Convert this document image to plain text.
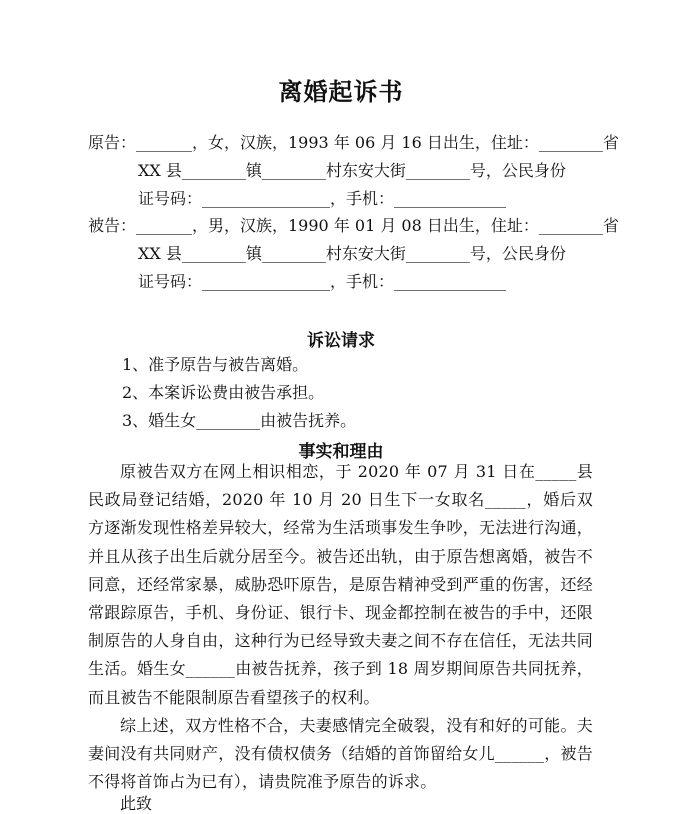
离婚起诉书
原告：_______，女，汉族，1993 年 06 月 16 日出生，住址：________省
XX 县________镇________村东安大街________号，公民身份
证号码：________________，手机：______________
被告：_______，男，汉族，1990 年 01 月 08 日出生，住址：________省
XX 县________镇________村东安大街________号，公民身份
证号码：________________，手机：______________
诉讼请求
1、准予原告与被告离婚。
2、本案诉讼费由被告承担。
3、婚生女________由被告抚养。
事实和理由

原被告双方在网上相识相恋，于 2020 年 07 月 31 日在_____县民政局登记结婚，2020 年 10 月 20 日生下一女取名_____，婚后双方逐渐发现性格差异较大，经常为生活琐事发生争吵，无法进行沟通，并且从孩子出生后就分居至今。被告还出轨，由于原告想离婚，被告不同意，还经常家暴，威胁恐吓原告，是原告精神受到严重的伤害，还经常跟踪原告，手机、身份证、银行卡、现金都控制在被告的手中，还限制原告的人身自由，这种行为已经导致夫妻之间不存在信任，无法共同生活。婚生女______由被告抚养，孩子到 18 周岁期间原告共同抚养，而且被告不能限制原告看望孩子的权利。

综上述，双方性格不合，夫妻感情完全破裂，没有和好的可能。夫妻间没有共同财产，没有债权债务（结婚的首饰留给女儿______，被告不得将首饰占为已有），请贵院准予原告的诉求。

此致
